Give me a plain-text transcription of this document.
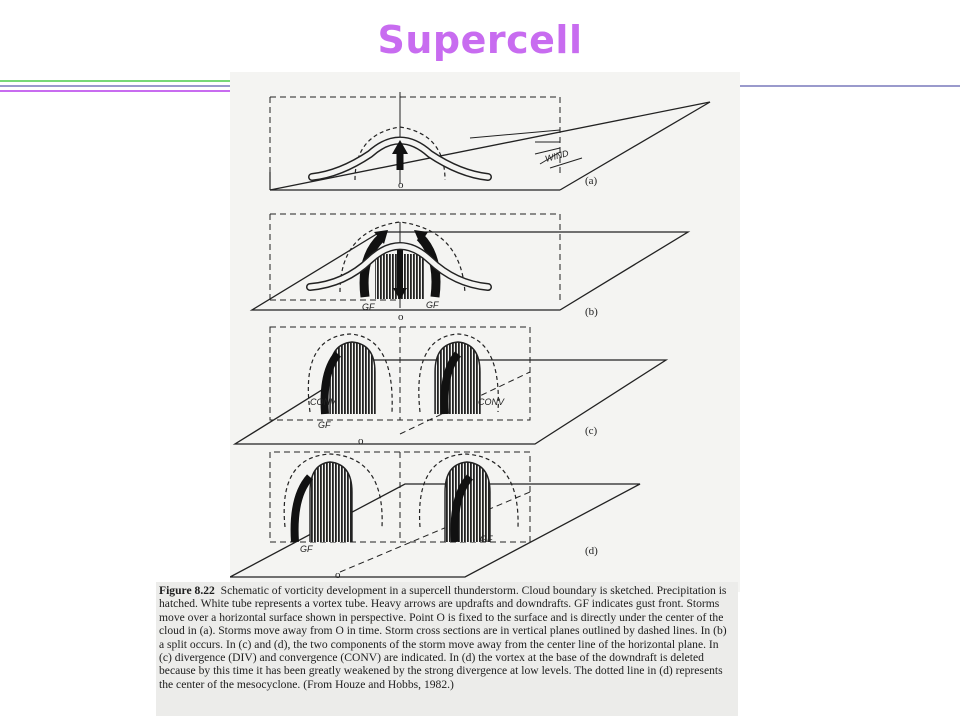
Supercell
WIND
o	(a)
GF	GF
o	(b)
CONV	CONV
GF
o
(c)
GF
GF
o
(d)
Figure 8.22 Schematic of vorticity development in a supercell thunderstorm. Cloud boundary is sketched. Precipitation is hatched. White tube represents a vortex tube. Heavy arrows are updrafts and downdrafts. GF indicates gust front. Storms move over a horizontal surface shown in perspective. Point O is fixed to the surface and is directly under the center of the cloud in (a). Storms move away from O in time. Storm cross sections are in vertical planes outlined by dashed lines. In (b) a split occurs. In (c) and (d), the two components of the storm move away from the center line of the horizontal plane. In (c) divergence (DIV) and convergence (CONV) are indicated. In (d) the vortex at the base of the downdraft is deleted because by this time it has been greatly weakened by the strong divergence at low levels. The dotted line in (d) represents the center of the mesocyclone. (From Houze and Hobbs, 1982.)
